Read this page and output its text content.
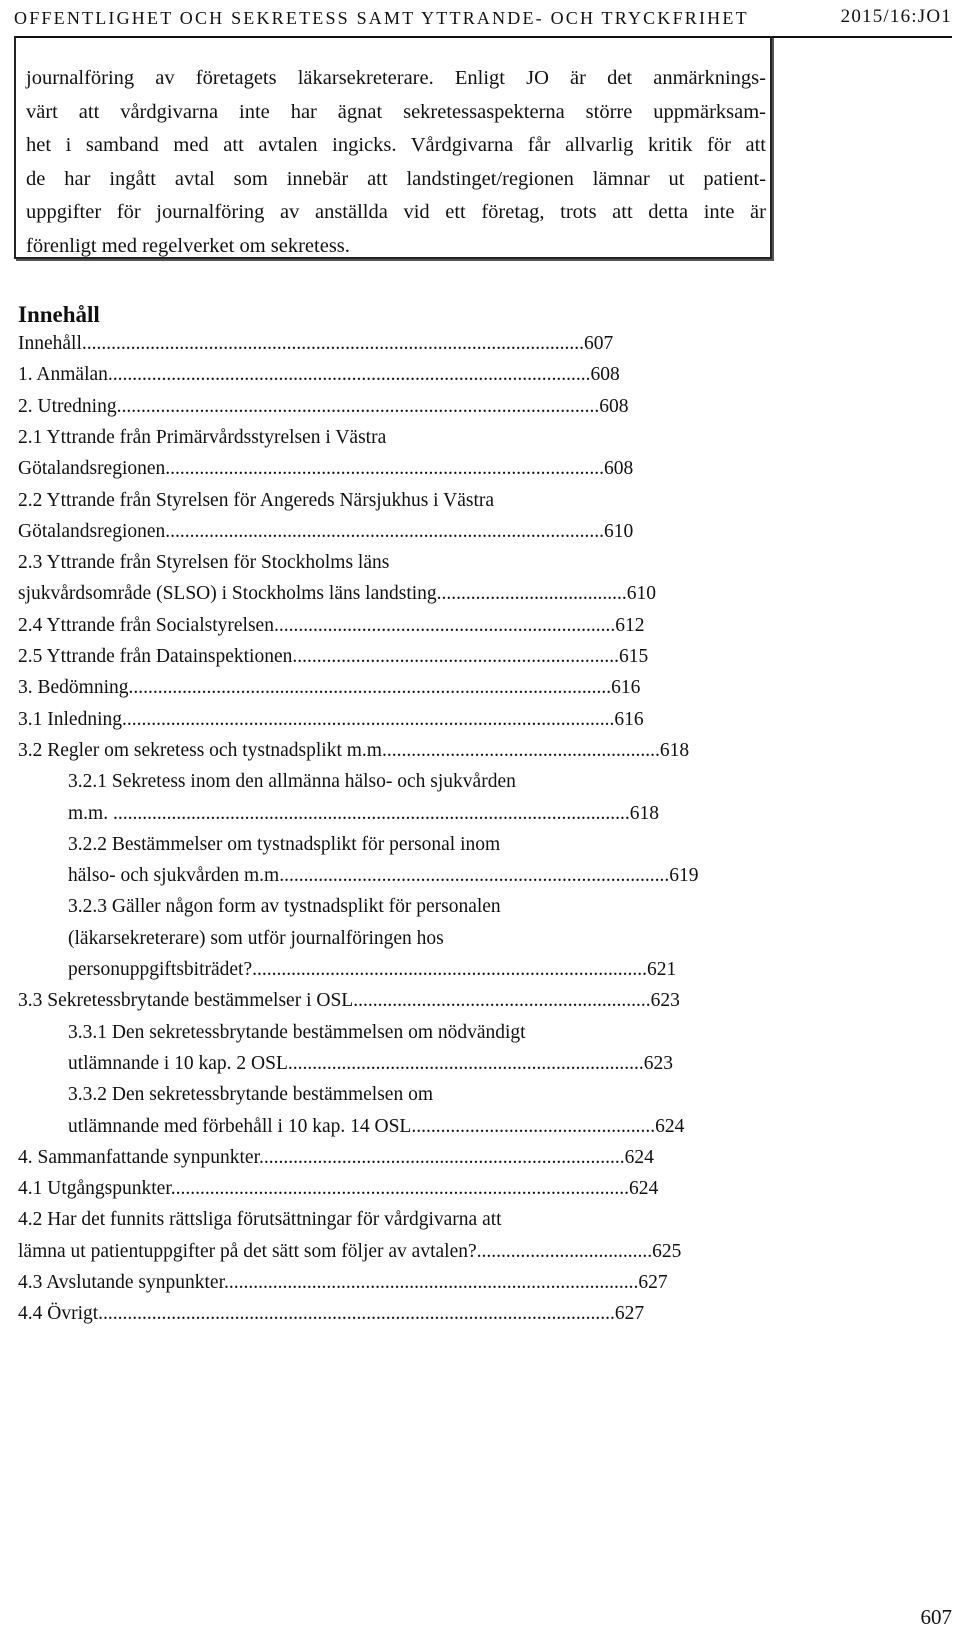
OFFENTLIGHET OCH SEKRETESS SAMT YTTRANDE- OCH TRYCKFRIHET	2015/16:JO1
journalföring av företagets läkarsekreterare. Enligt JO är det anmärknings-
värt att vårdgivarna inte har ägnat sekretessaspekterna större uppmärksam-
het i samband med att avtalen ingicks. Vårdgivarna får allvarlig kritik för att
de har ingått avtal som innebär att landstinget/regionen lämnar ut patient-
uppgifter för journalföring av anställda vid ett företag, trots att detta inte är
förenligt med regelverket om sekretess.
Innehåll
Innehåll.......................................................................................................607
1. Anmälan...................................................................................................608
2. Utredning...................................................................................................608
2.1 Yttrande från Primärvårdsstyrelsen i Västra
Götalandsregionen..........................................................................................608
2.2 Yttrande från Styrelsen för Angereds Närsjukhus i Västra
Götalandsregionen..........................................................................................610
2.3 Yttrande från Styrelsen för Stockholms läns
sjukvårdsområde (SLSO) i Stockholms läns landsting.......................................610
2.4 Yttrande från Socialstyrelsen......................................................................612
2.5 Yttrande från Datainspektionen...................................................................615
3. Bedömning...................................................................................................616
3.1 Inledning.....................................................................................................616
3.2 Regler om sekretess och tystnadsplikt m.m.........................................................618
3.2.1 Sekretess inom den allmänna hälso- och sjukvården
m.m. ..........................................................................................................618
3.2.2 Bestämmelser om tystnadsplikt för personal inom
hälso- och sjukvården m.m................................................................................619
3.2.3 Gäller någon form av tystnadsplikt för personalen
(läkarsekreterare) som utför journalföringen hos
personuppgiftsbiträdet?.................................................................................621
3.3 Sekretessbrytande bestämmelser i OSL.............................................................623
3.3.1 Den sekretessbrytande bestämmelsen om nödvändigt
utlämnande i 10 kap. 2 OSL.........................................................................623
3.3.2 Den sekretessbrytande bestämmelsen om
utlämnande med förbehåll i 10 kap. 14 OSL..................................................624
4. Sammanfattande synpunkter...........................................................................624
4.1 Utgångspunkter..............................................................................................624
4.2 Har det funnits rättsliga förutsättningar för vårdgivarna att
lämna ut patientuppgifter på det sätt som följer av avtalen?....................................625
4.3 Avslutande synpunkter.....................................................................................627
4.4 Övrigt..........................................................................................................627
607
